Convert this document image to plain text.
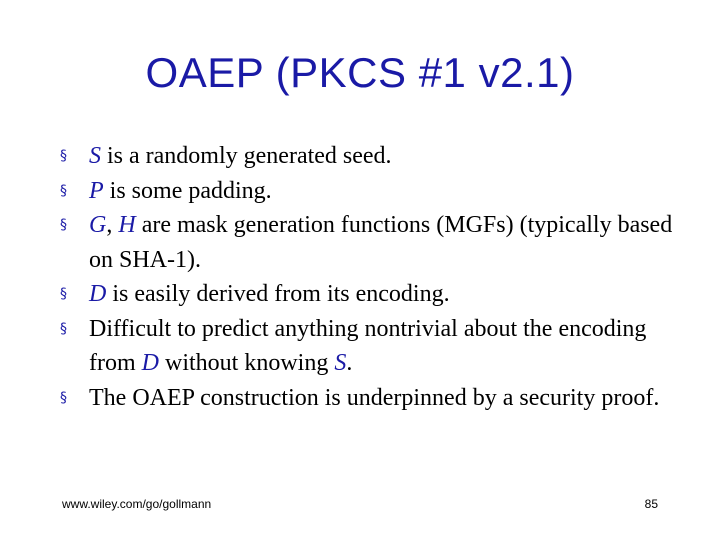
OAEP (PKCS #1 v2.1)
§ S is a randomly generated seed.
§ P is some padding.
§ G, H are mask generation functions (MGFs) (typically based on SHA-1).
§ D is easily derived from its encoding.
§ Difficult to predict anything nontrivial about the encoding from D without knowing S.
§ The OAEP construction is underpinned by a security proof.
www.wiley.com/go/gollmann	85
